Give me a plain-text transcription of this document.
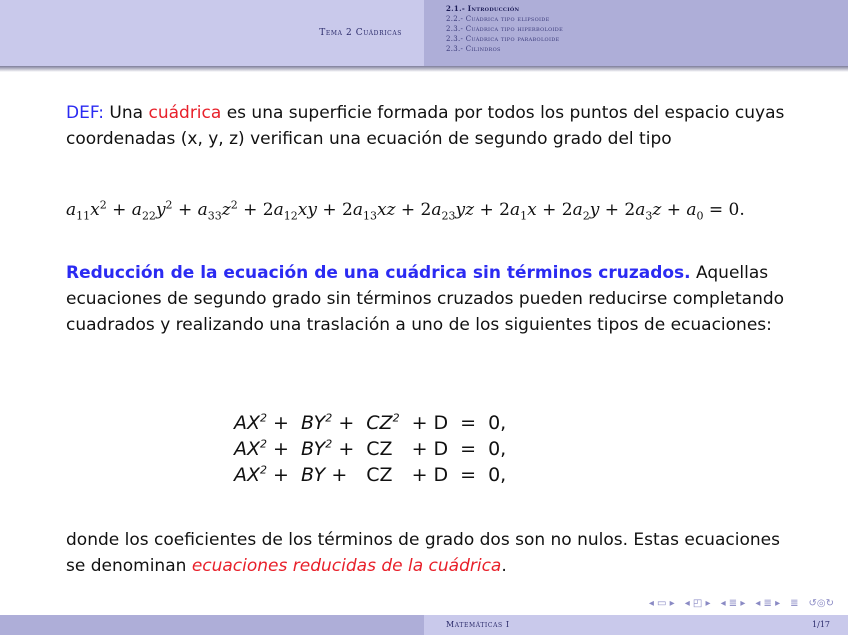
Tema 2 Cuádricas
2.1.- Introducción
2.2.- Cuádrica tipo elipsoide
2.3.- Cuádrica tipo hiperboloide
2.3.- Cuádrica tipo paraboloide
2.3.- Cilindros

DEF: Una cuádrica es una superficie formada por todos los puntos del espacio cuyas coordenadas (x, y, z) verifican una ecuación de segundo grado del tipo

$a_{11}x^2 + a_{22}y^2 + a_{33}z^2 + 2a_{12}xy + 2a_{13}xz + 2a_{23}yz + 2a_1x + 2a_2y + 2a_3z + a_0 = 0$.

Reducción de la ecuación de una cuádrica sin términos cruzados. Aquellas ecuaciones de segundo grado sin términos cruzados pueden reducirse completando cuadrados y realizando una traslación a uno de los siguientes tipos de ecuaciones:

$AX^2$ +	$BY^2$ +	$CZ^2$	+ D	=	0,
$AX^2$ +	$BY^2$ +	CZ	+ D	=	0,
$AX^2$ +	BY +	CZ	+ D	=	0,

donde los coeficientes de los términos de grado dos son no nulos. Estas ecuaciones se denominan ecuaciones reducidas de la cuádrica.

◂ ▭ ▸ ◂ ◰ ▸ ◂ ≣ ▸ ◂ ≣ ▸ ≣ ↺◎↻
Matemáticas I	1/17
